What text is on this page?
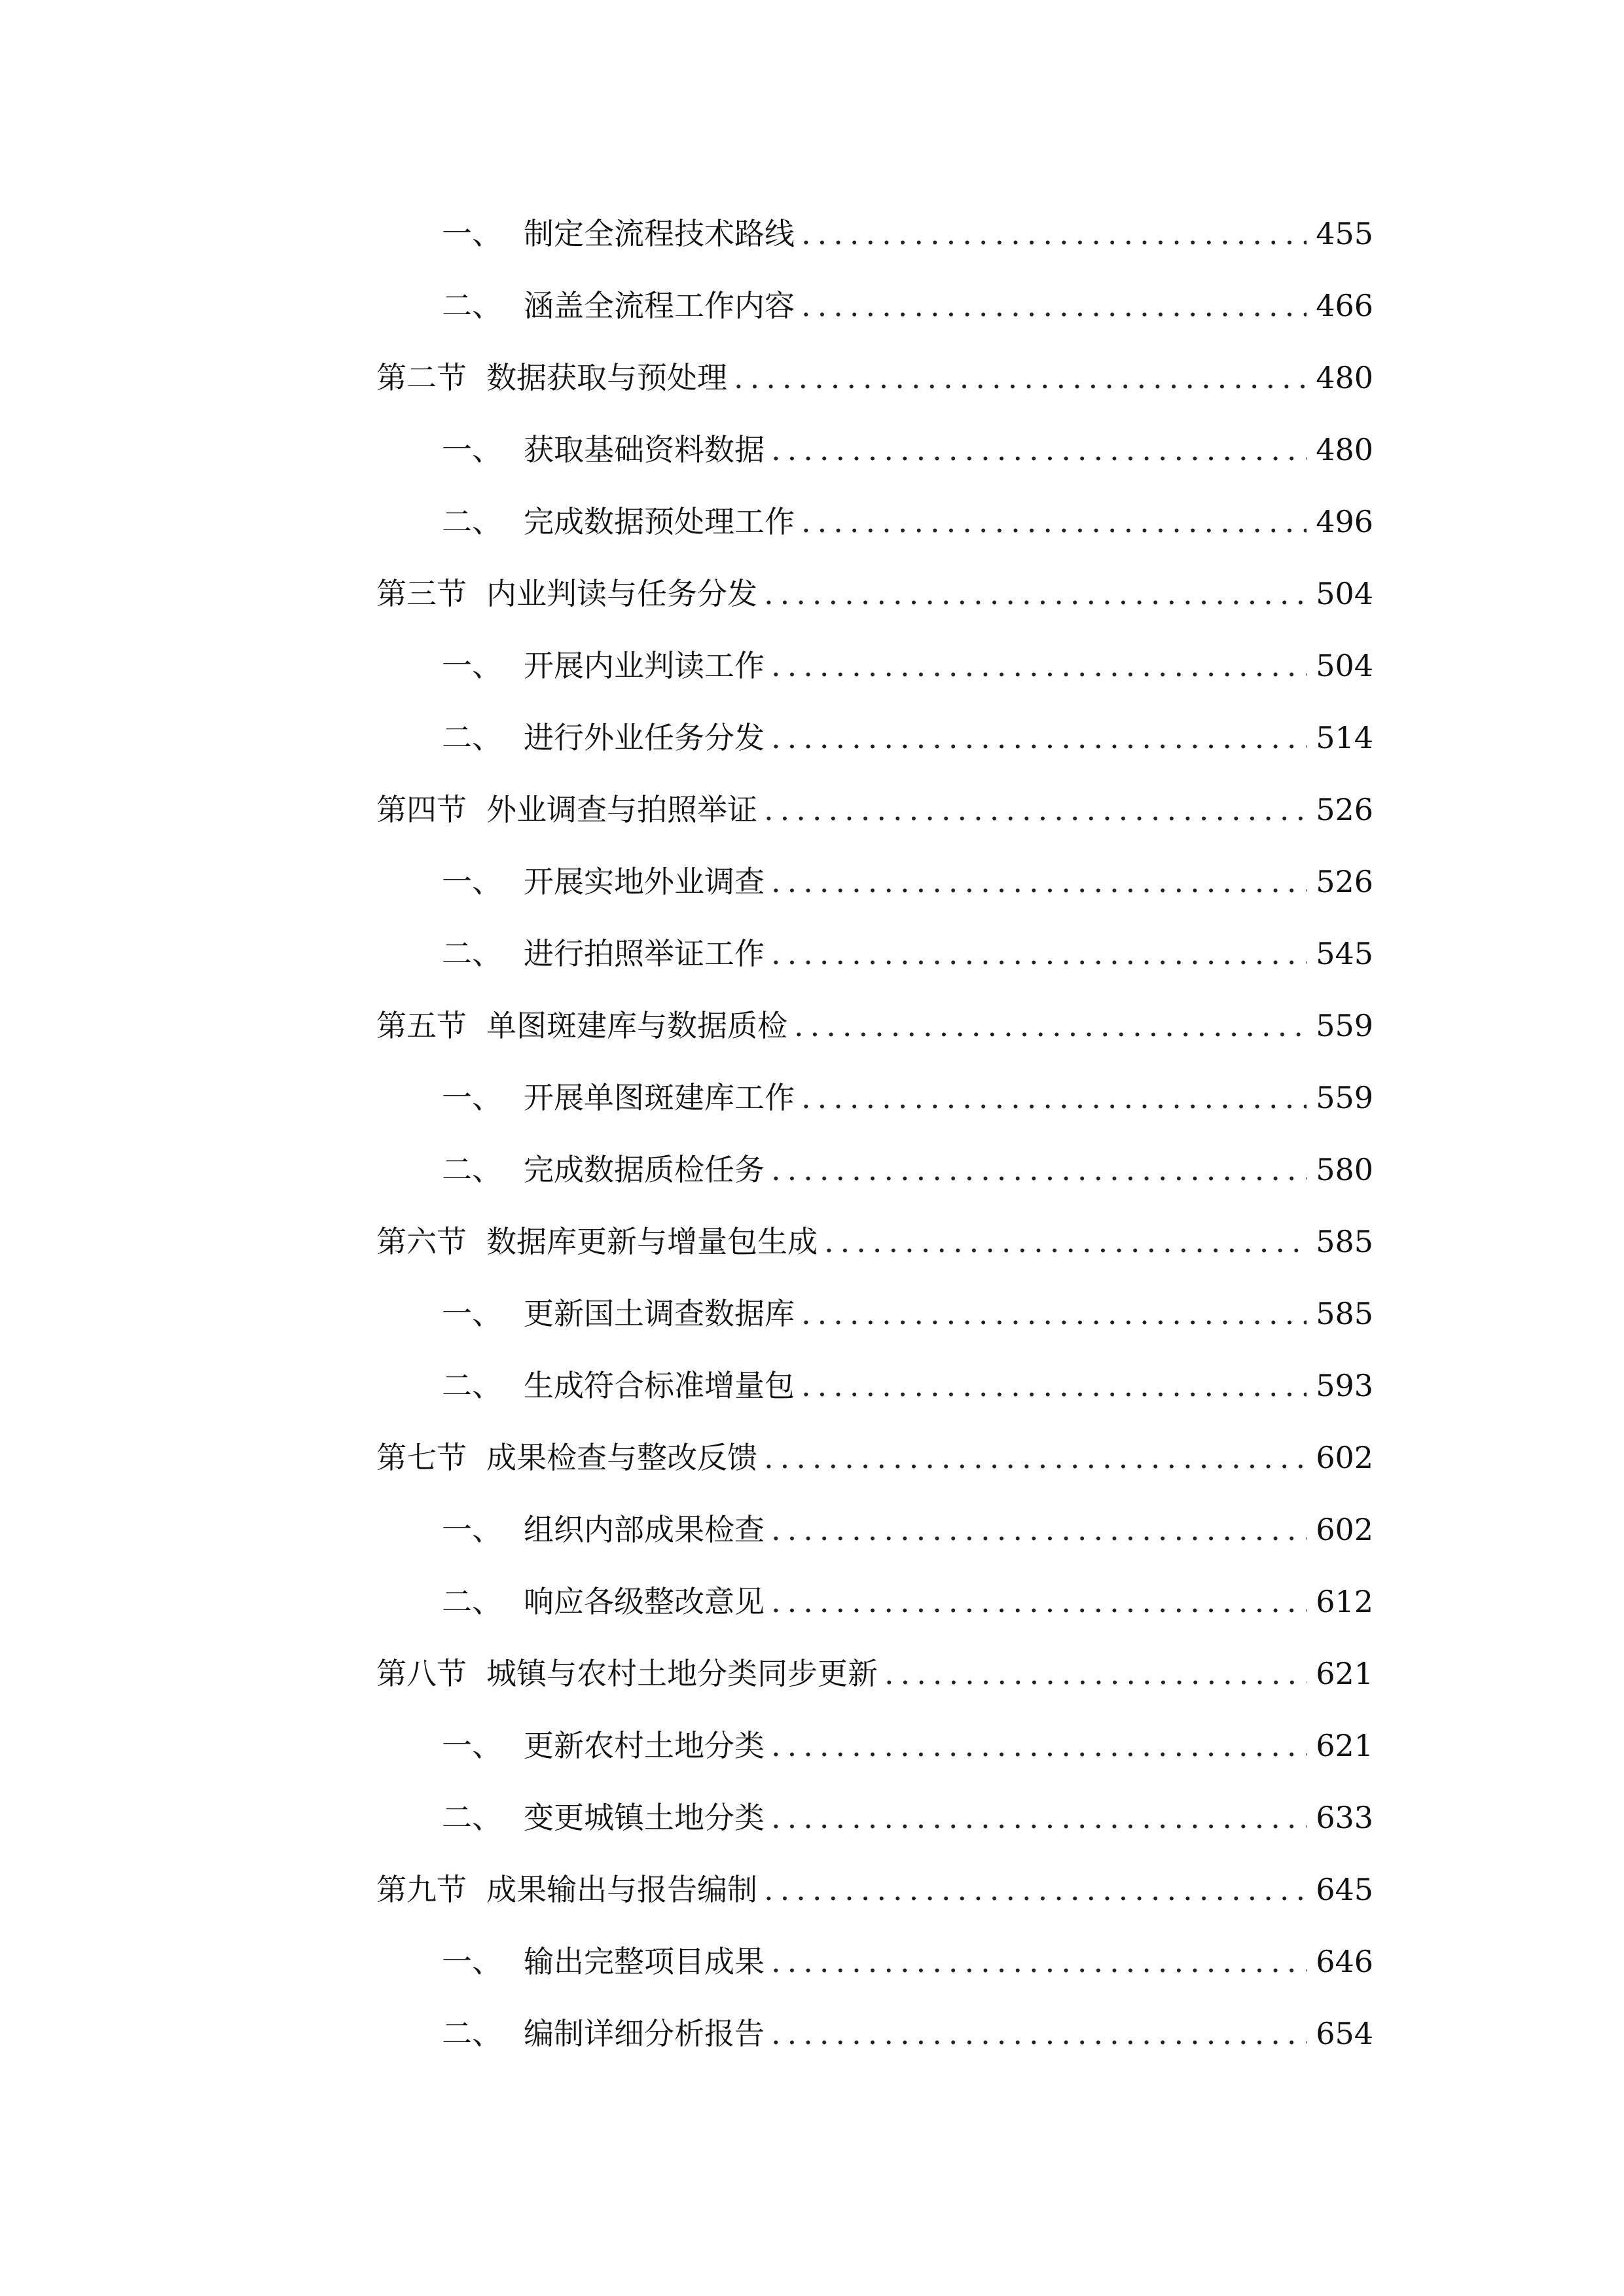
一、 制定全流程技术路线 .....	455
二、 涵盖全流程工作内容 .....	466
第二节 数据获取与预处理 .....	480
一、 获取基础资料数据 .....	480
二、 完成数据预处理工作 .....	496
第三节 内业判读与任务分发 .....	504
一、 开展内业判读工作 .....	504
二、 进行外业任务分发 .....	514
第四节 外业调查与拍照举证 .....	526
一、 开展实地外业调查 .....	526
二、 进行拍照举证工作 .....	545
第五节 单图斑建库与数据质检 .....	559
一、 开展单图斑建库工作 .....	559
二、 完成数据质检任务 .....	580
第六节 数据库更新与增量包生成 .....	585
一、 更新国土调查数据库 .....	585
二、 生成符合标准增量包 .....	593
第七节 成果检查与整改反馈 .....	602
一、 组织内部成果检查 .....	602
二、 响应各级整改意见 .....	612
第八节 城镇与农村土地分类同步更新 .....	621
一、 更新农村土地分类 .....	621
二、 变更城镇土地分类 .....	633
第九节 成果输出与报告编制 .....	645
一、 输出完整项目成果 .....	646
二、 编制详细分析报告 .....	654
